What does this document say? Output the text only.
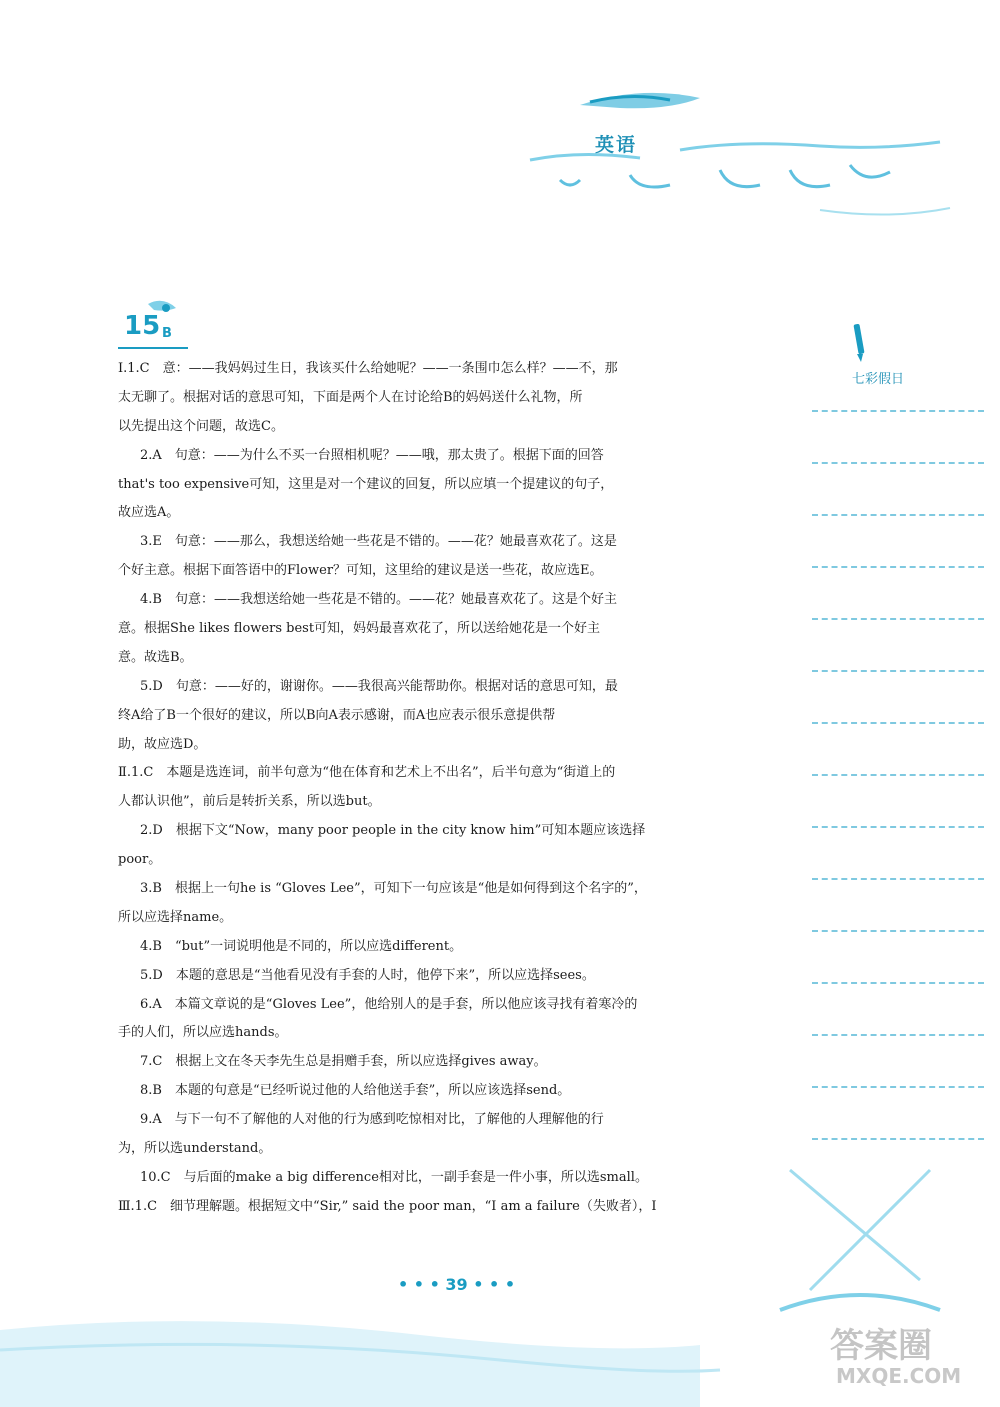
英语
15 B
Ⅰ.1.C　意：——我妈妈过生日，我该买什么给她呢？——一条围巾怎么样？——不，那
太无聊了。根据对话的意思可知，下面是两个人在讨论给B的妈妈送什么礼物，所
以先提出这个问题，故选C。
2.A　句意：——为什么不买一台照相机呢？——哦，那太贵了。根据下面的回答
that's too expensive可知，这里是对一个建议的回复，所以应填一个提建议的句子，
故应选A。
3.E　句意：——那么，我想送给她一些花是不错的。——花？她最喜欢花了。这是
个好主意。根据下面答语中的Flower？可知，这里给的建议是送一些花，故应选E。
4.B　句意：——我想送给她一些花是不错的。——花？她最喜欢花了。这是个好主
意。根据She likes flowers best可知，妈妈最喜欢花了，所以送给她花是一个好主
意。故选B。
5.D　句意：——好的，谢谢你。——我很高兴能帮助你。根据对话的意思可知，最
终A给了B一个很好的建议，所以B向A表示感谢，而A也应表示很乐意提供帮
助，故应选D。
Ⅱ.1.C　本题是选连词，前半句意为“他在体育和艺术上不出名”，后半句意为“街道上的
人都认识他”，前后是转折关系，所以选but。
2.D　根据下文“Now，many poor people in the city know him”可知本题应该选择
poor。
3.B　根据上一句he is “Gloves Lee”，可知下一句应该是“他是如何得到这个名字的”，
所以应选择name。
4.B　“but”一词说明他是不同的，所以应选different。
5.D　本题的意思是“当他看见没有手套的人时，他停下来”，所以应选择sees。
6.A　本篇文章说的是“Gloves Lee”，他给别人的是手套，所以他应该寻找有着寒冷的
手的人们，所以应选hands。
7.C　根据上文在冬天李先生总是捐赠手套，所以应选择gives away。
8.B　本题的句意是“已经听说过他的人给他送手套”，所以应该选择send。
9.A　与下一句不了解他的人对他的行为感到吃惊相对比，了解他的人理解他的行
为，所以选understand。
10.C　与后面的make a big difference相对比，一副手套是一件小事，所以选small。
Ⅲ.1.C　细节理解题。根据短文中“Sir,” said the poor man，“I am a failure（失败者），I
七彩假日
• • • 39 • • •
答案圈
MXQE.COM
